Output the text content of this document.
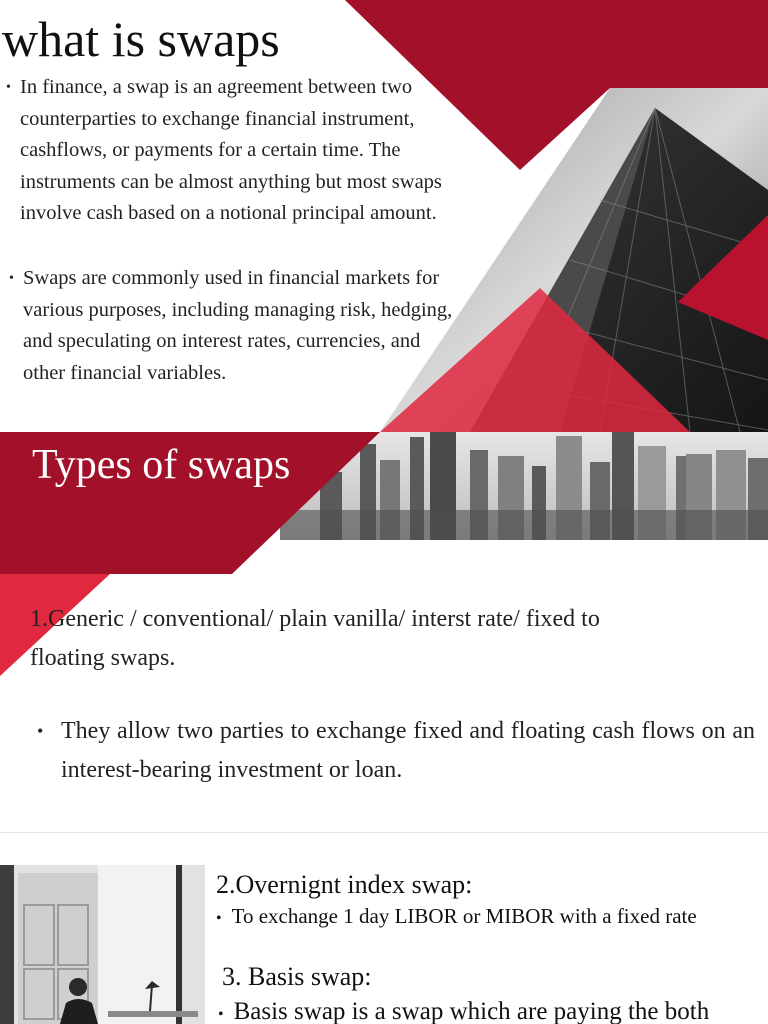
what is swaps
• In finance, a swap is an agreement between two counterparties to exchange financial instrument, cashflows, or payments for a certain time. The instruments can be almost anything but most swaps involve cash based on a notional principal amount.
• Swaps are commonly used in financial markets for various purposes, including managing risk, hedging, and speculating on interest rates, currencies, and other financial variables.
Types of swaps
1.Generic / conventional/ plain vanilla/ interst rate/ fixed to floating swaps.
• They allow two parties to exchange fixed and floating cash flows on an interest-bearing investment or loan.
2.Overnignt index swap:
• To exchange 1 day LIBOR or MIBOR with a fixed rate
3. Basis swap:
• Basis swap is a swap which are paying the both
